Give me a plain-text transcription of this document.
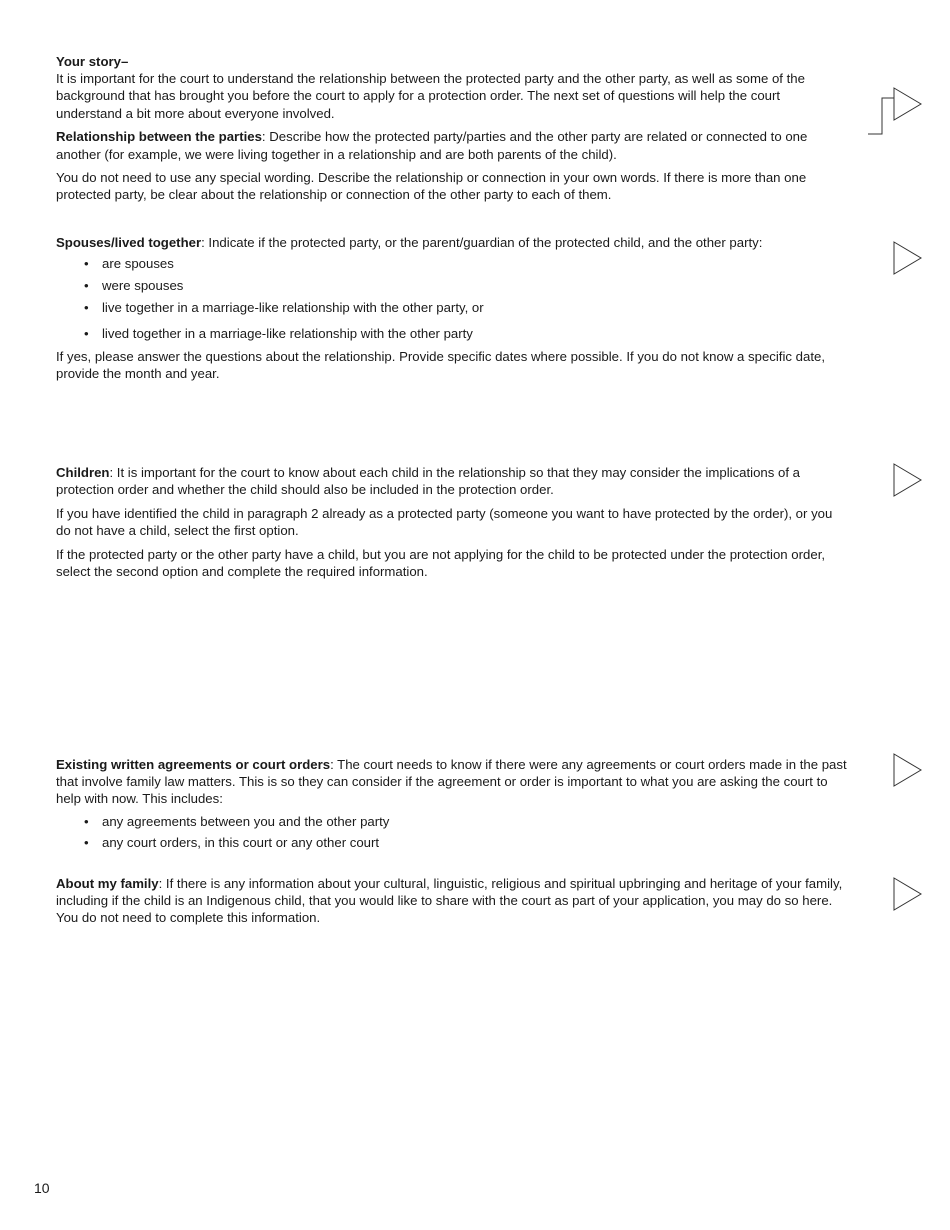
Your story–

It is important for the court to understand the relationship between the protected party and the other party, as well as some of the background that has brought you before the court to apply for a protection order. The next set of questions will help the court understand a bit more about everyone involved.

Relationship between the parties: Describe how the protected party/parties and the other party are related or connected to one another (for example, we were living together in a relationship and are both parents of the child).

You do not need to use any special wording. Describe the relationship or connection in your own words. If there is more than one protected party, be clear about the relationship or connection of the other party to each of them.

Spouses/lived together: Indicate if the protected party, or the parent/guardian of the protected child, and the other party:

• are spouses
• were spouses
• live together in a marriage-like relationship with the other party, or
• lived together in a marriage-like relationship with the other party

If yes, please answer the questions about the relationship. Provide specific dates where possible. If you do not know a specific date, provide the month and year.

Children: It is important for the court to know about each child in the relationship so that they may consider the implications of a protection order and whether the child should also be included in the protection order.

If you have identified the child in paragraph 2 already as a protected party (someone you want to have protected by the order), or you do not have a child, select the first option.

If the protected party or the other party have a child, but you are not applying for the child to be protected under the protection order, select the second option and complete the required information.

Existing written agreements or court orders: The court needs to know if there were any agreements or court orders made in the past that involve family law matters. This is so they can consider if the agreement or order is important to what you are asking the court to help with now. This includes:

• any agreements between you and the other party
• any court orders, in this court or any other court

About my family: If there is any information about your cultural, linguistic, religious and spiritual upbringing and heritage of your family, including if the child is an Indigenous child, that you would like to share with the court as part of your application, you may do so here. You do not need to complete this information.

10
